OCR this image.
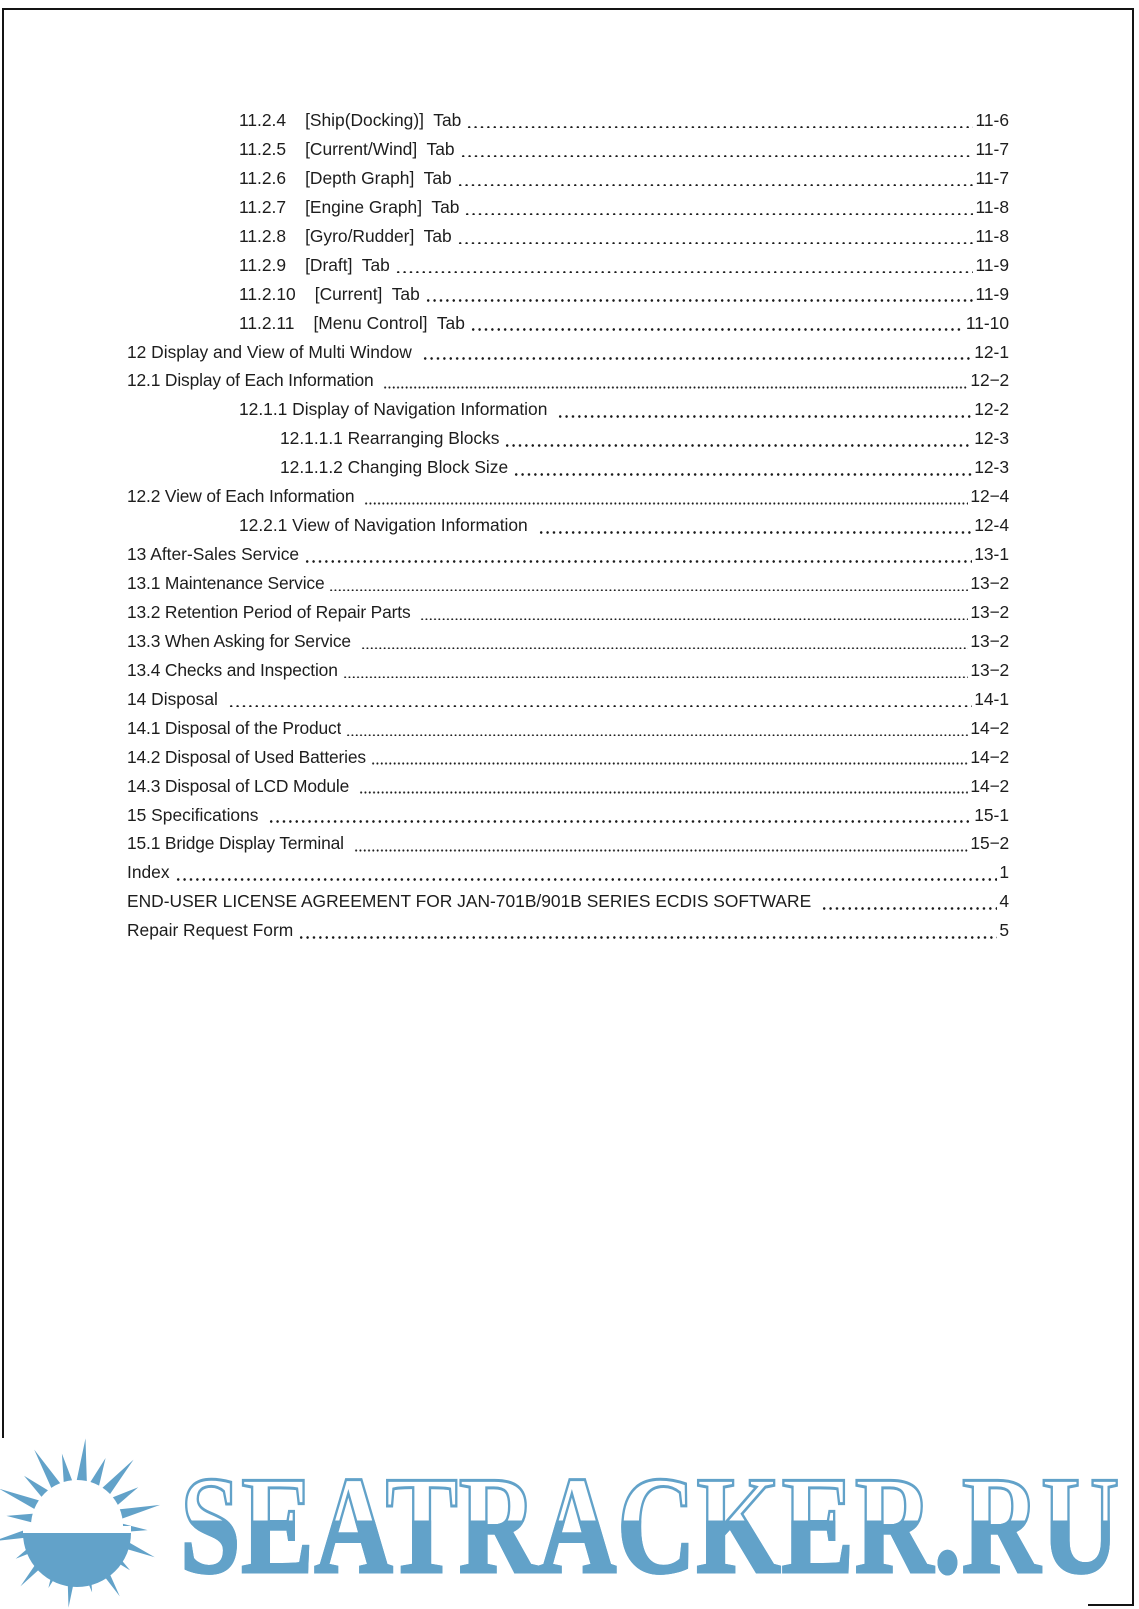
11.2.4 [Ship(Docking)]  Tab	11-6
11.2.5 [Current/Wind]  Tab	11-7
11.2.6 [Depth Graph]  Tab	11-7
11.2.7 [Engine Graph]  Tab	11-8
11.2.8 [Gyro/Rudder]  Tab	11-8
11.2.9 [Draft]  Tab	11-9
11.2.10 [Current]  Tab	11-9
11.2.11 [Menu Control]  Tab	11-10
12 Display and View of Multi Window	12-1
12.1 Display of Each Information	12−2
12.1.1 Display of Navigation Information	12-2
12.1.1.1 Rearranging Blocks	12-3
12.1.1.2 Changing Block Size	12-3
12.2 View of Each Information	12−4
12.2.1 View of Navigation Information	12-4
13 After-Sales Service	13-1
13.1 Maintenance Service	13−2
13.2 Retention Period of Repair Parts	13−2
13.3 When Asking for Service	13−2
13.4 Checks and Inspection	13−2
14 Disposal	14-1
14.1 Disposal of the Product	14−2
14.2 Disposal of Used Batteries	14−2
14.3 Disposal of LCD Module	14−2
15 Specifications	15-1
15.1 Bridge Display Terminal	15−2
Index	1
END-USER LICENSE AGREEMENT FOR JAN-701B/901B SERIES ECDIS SOFTWARE	4
Repair Request Form	5
SEATRACKER.RU
